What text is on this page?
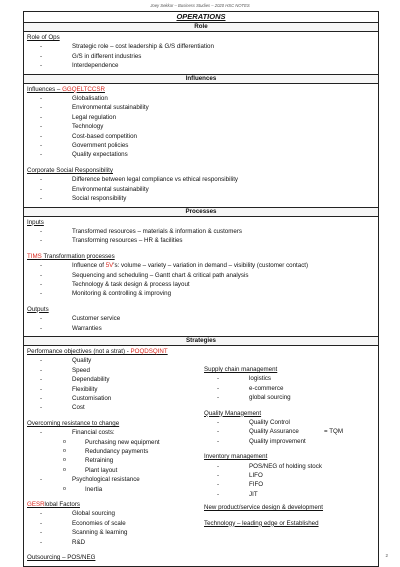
Joey Sekkar – Business Studies – 2020 HSC NOTES
OPERATIONS
Role
Role of Ops
- Strategic role – cost leadership & G/S differentiation
- G/S in different industries
- Interdependence
Influences
Influences – GGQELTCCSR
- Globalisation
- Environmental sustainability
- Legal regulation
- Technology
- Cost-based competition
- Government policies
- Quality expectations
Corporate Social Responsibility
- Difference between legal compliance vs ethical responsibility
- Environmental sustainability
- Social responsibility
Processes
Inputs
- Transformed resources – materials & information & customers
- Transforming resources – HR & facilities
TIMS Transformation processes
- Influence of 5V's: volume – variety – variation in demand – visibility (customer contact)
- Sequencing and scheduling – Gantt chart & critical path analysis
- Technology & task design & process layout
- Monitoring & controlling & improving
Outputs
- Customer service
- Warranties
Strategies
Performance objectives (not a strat) - POQDSQINT
- Quality
- Speed
- Dependability
- Flexibility
- Customisation
- Cost
Overcoming resistance to change
- Financial costs:
o Purchasing new equipment
o Redundancy payments
o Retraining
o Plant layout
- Psychological resistance
o Inertia
GESRlobal Factors
- Global sourcing
- Economies of scale
- Scanning & learning
- R&D
Outsourcing – POS/NEG
Supply chain management
- logistics
- e-commerce
- global sourcing
Quality Management
- Quality Control
- Quality Assurance	= TQM
- Quality improvement
Inventory management
- POS/NEG of holding stock
- LIFO
- FIFO
- JIT
New product/service design & development
Technology – leading edge or Established
2
